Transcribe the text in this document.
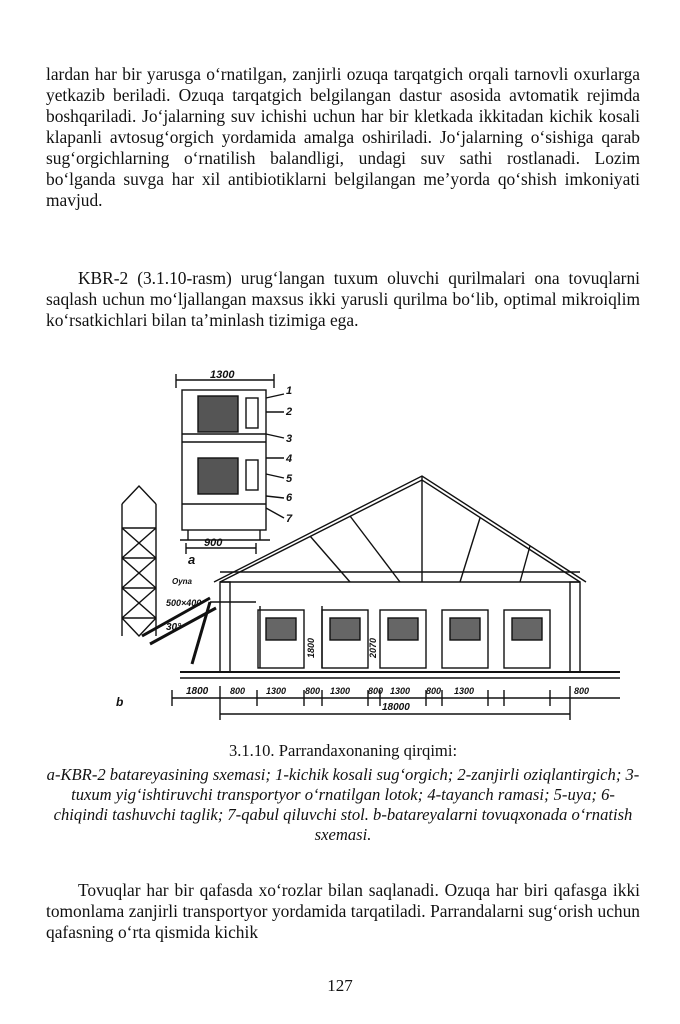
lardan har bir yarusga o‘rnatilgan, zanjirli ozuqa tarqatgich orqali tarnovli oxurlarga yetkazib beriladi. Ozuqa tarqatgich belgilangan dastur asosida avtomatik rejimda boshqariladi. Jo‘jalarning suv ichishi uchun har bir kletkada ikkitadan kichik kosali klapanli avtosug‘orgich yordamida amalga oshiriladi. Jo‘jalarning o‘sishiga qarab sug‘orgichlarning o‘rnatilish balandligi, undagi suv sathi rostlanadi. Lozim bo‘lganda suvga har xil antibiotiklarni belgilangan me’yorda qo‘shish imkoniyati mavjud.

KBR-2 (3.1.10-rasm) urug‘langan tuxum oluvchi qurilmalari ona tovuqlarni saqlash uchun mo‘ljallangan maxsus ikki yarusli qurilma bo‘lib, optimal mikroiqlim ko‘rsatkichlari bilan ta’minlash tizimiga ega.

1300
900
a
b
1
2
3
4
5
6
7
Oyna
500×400
30°
1800	2070
1800	800
800 1300 800 1300 800 1300 800 1300
18000

3.1.10. Parrandaxonaning qirqimi:

a-KBR-2 batareyasining sxemasi; 1-kichik kosali sug‘orgich; 2-zanjirli oziqlantirgich; 3-tuxum yig‘ishtiruvchi transportyor o‘rnatilgan lotok; 4-tayanch ramasi; 5-uya; 6-chiqindi tashuvchi taglik; 7-qabul qiluvchi stol. b-batareyalarni tovuqxonada o‘rnatish sxemasi.

Tovuqlar har bir qafasda xo‘rozlar bilan saqlanadi. Ozuqa har biri qafasga ikki tomonlama zanjirli transportyor yordamida tarqatiladi. Parrandalarni sug‘orish uchun qafasning o‘rta qismida kichik

127
